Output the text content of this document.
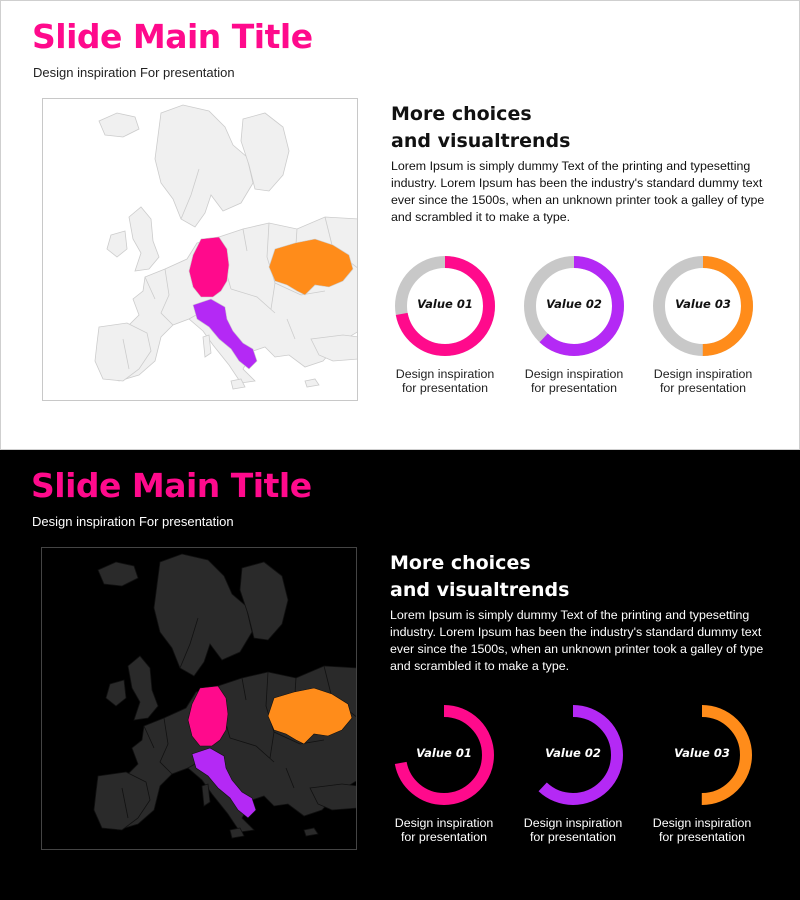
Slide Main Title
Design inspiration For presentation
More choices
and visualtrends
Lorem Ipsum is simply dummy Text of the printing and typesetting industry. Lorem Ipsum has been the industry's standard dummy text ever since the 1500s, when an unknown printer took a galley of type and scrambled it to make a type.
Value 01	Value 02	Value 03
Design inspiration
for presentation
Design inspiration
for presentation
Design inspiration
for presentation
Slide Main Title
Design inspiration For presentation
More choices
and visualtrends
Lorem Ipsum is simply dummy Text of the printing and typesetting industry. Lorem Ipsum has been the industry's standard dummy text ever since the 1500s, when an unknown printer took a galley of type and scrambled it to make a type.
Value 01	Value 02	Value 03
Design inspiration
for presentation
Design inspiration
for presentation
Design inspiration
for presentation
